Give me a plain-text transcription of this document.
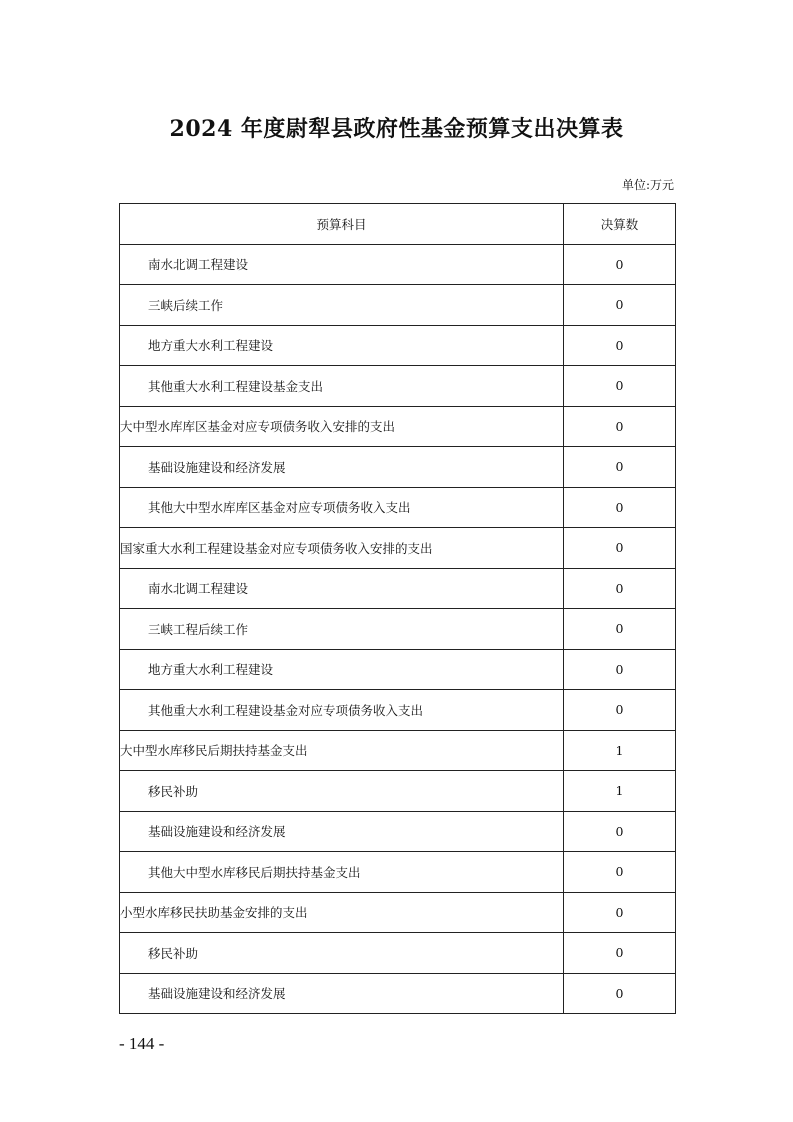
2024 年度尉犁县政府性基金预算支出决算表
单位:万元
预算科目	决算数
南水北调工程建设	0
三峡后续工作	0
地方重大水利工程建设	0
其他重大水利工程建设基金支出	0
大中型水库库区基金对应专项债务收入安排的支出	0
基础设施建设和经济发展	0
其他大中型水库库区基金对应专项债务收入支出	0
国家重大水利工程建设基金对应专项债务收入安排的支出	0
南水北调工程建设	0
三峡工程后续工作	0
地方重大水利工程建设	0
其他重大水利工程建设基金对应专项债务收入支出	0
大中型水库移民后期扶持基金支出	1
移民补助	1
基础设施建设和经济发展	0
其他大中型水库移民后期扶持基金支出	0
小型水库移民扶助基金安排的支出	0
移民补助	0
基础设施建设和经济发展	0
- 144 -
